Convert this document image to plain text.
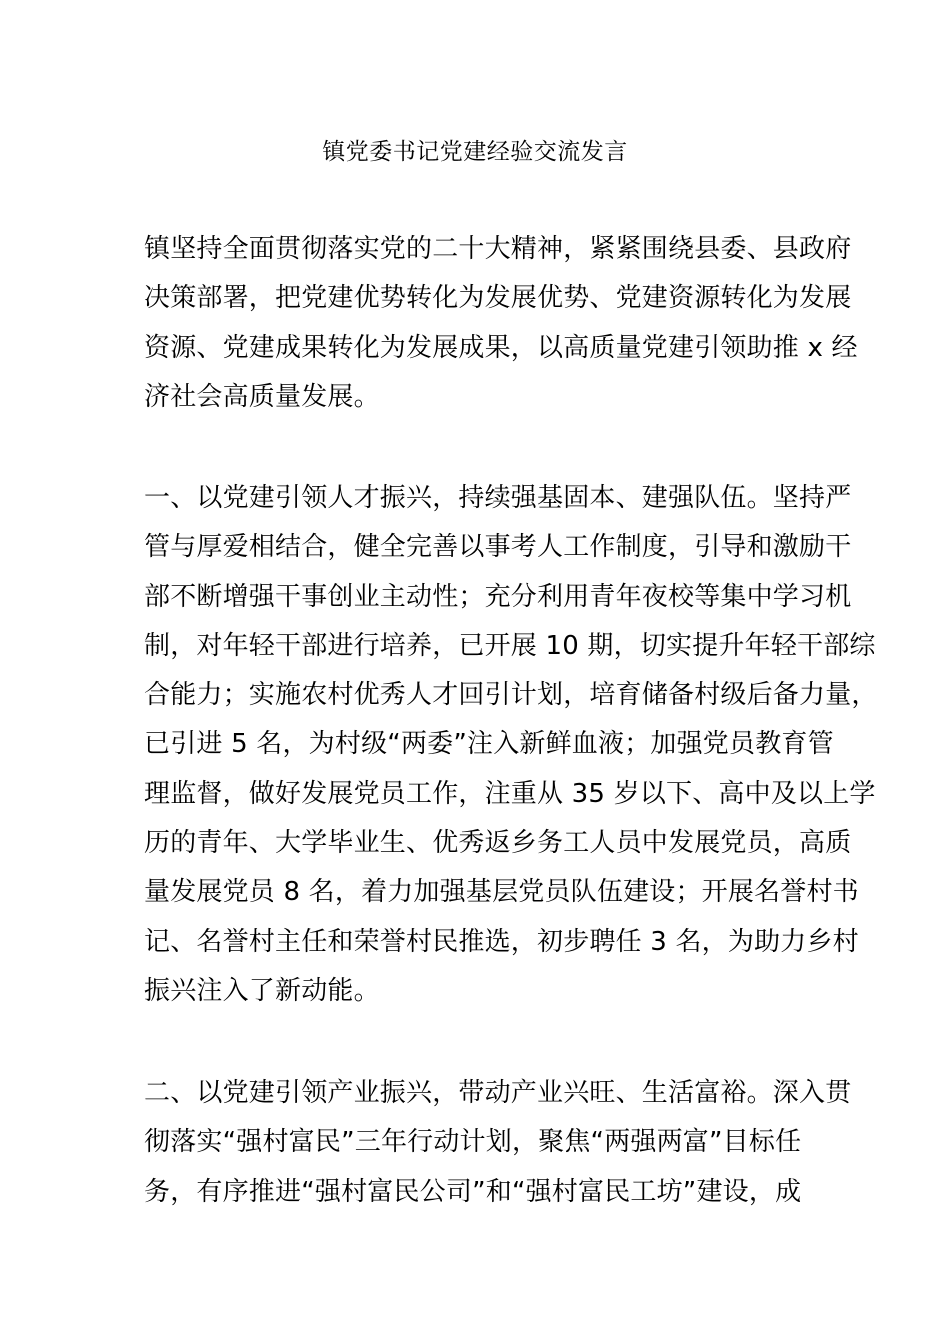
镇党委书记党建经验交流发言
镇坚持全面贯彻落实党的二十大精神，紧紧围绕县委、县政府
决策部署，把党建优势转化为发展优势、党建资源转化为发展
资源、党建成果转化为发展成果，以高质量党建引领助推 x 经
济社会高质量发展。
一、以党建引领人才振兴，持续强基固本、建强队伍。坚持严
管与厚爱相结合，健全完善以事考人工作制度，引导和激励干
部不断增强干事创业主动性；充分利用青年夜校等集中学习机
制，对年轻干部进行培养，已开展 10 期，切实提升年轻干部综
合能力；实施农村优秀人才回引计划，培育储备村级后备力量，
已引进 5 名，为村级“两委”注入新鲜血液；加强党员教育管
理监督，做好发展党员工作，注重从 35 岁以下、高中及以上学
历的青年、大学毕业生、优秀返乡务工人员中发展党员，高质
量发展党员 8 名，着力加强基层党员队伍建设；开展名誉村书
记、名誉村主任和荣誉村民推选，初步聘任 3 名，为助力乡村
振兴注入了新动能。
二、以党建引领产业振兴，带动产业兴旺、生活富裕。深入贯
彻落实“强村富民”三年行动计划，聚焦“两强两富”目标任
务，有序推进“强村富民公司”和“强村富民工坊”建设，成
